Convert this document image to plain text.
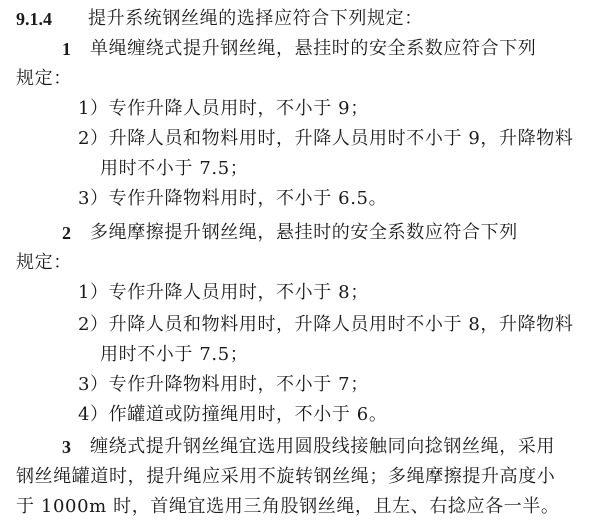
9.1.4 提升系统钢丝绳的选择应符合下列规定：
1 单绳缠绕式提升钢丝绳，悬挂时的安全系数应符合下列
规定：
1）专作升降人员用时，不小于 9；
2）升降人员和物料用时，升降人员用时不小于 9，升降物料
用时不小于 7.5；
3）专作升降物料用时，不小于 6.5。
2 多绳摩擦提升钢丝绳，悬挂时的安全系数应符合下列
规定：
1）专作升降人员用时，不小于 8；
2）升降人员和物料用时，升降人员用时不小于 8，升降物料
用时不小于 7.5；
3）专作升降物料用时，不小于 7；
4）作罐道或防撞绳用时，不小于 6。
3 缠绕式提升钢丝绳宜选用圆股线接触同向捻钢丝绳，采用
钢丝绳罐道时，提升绳应采用不旋转钢丝绳；多绳摩擦提升高度小
于 1000m 时，首绳宜选用三角股钢丝绳，且左、右捻应各一半。
